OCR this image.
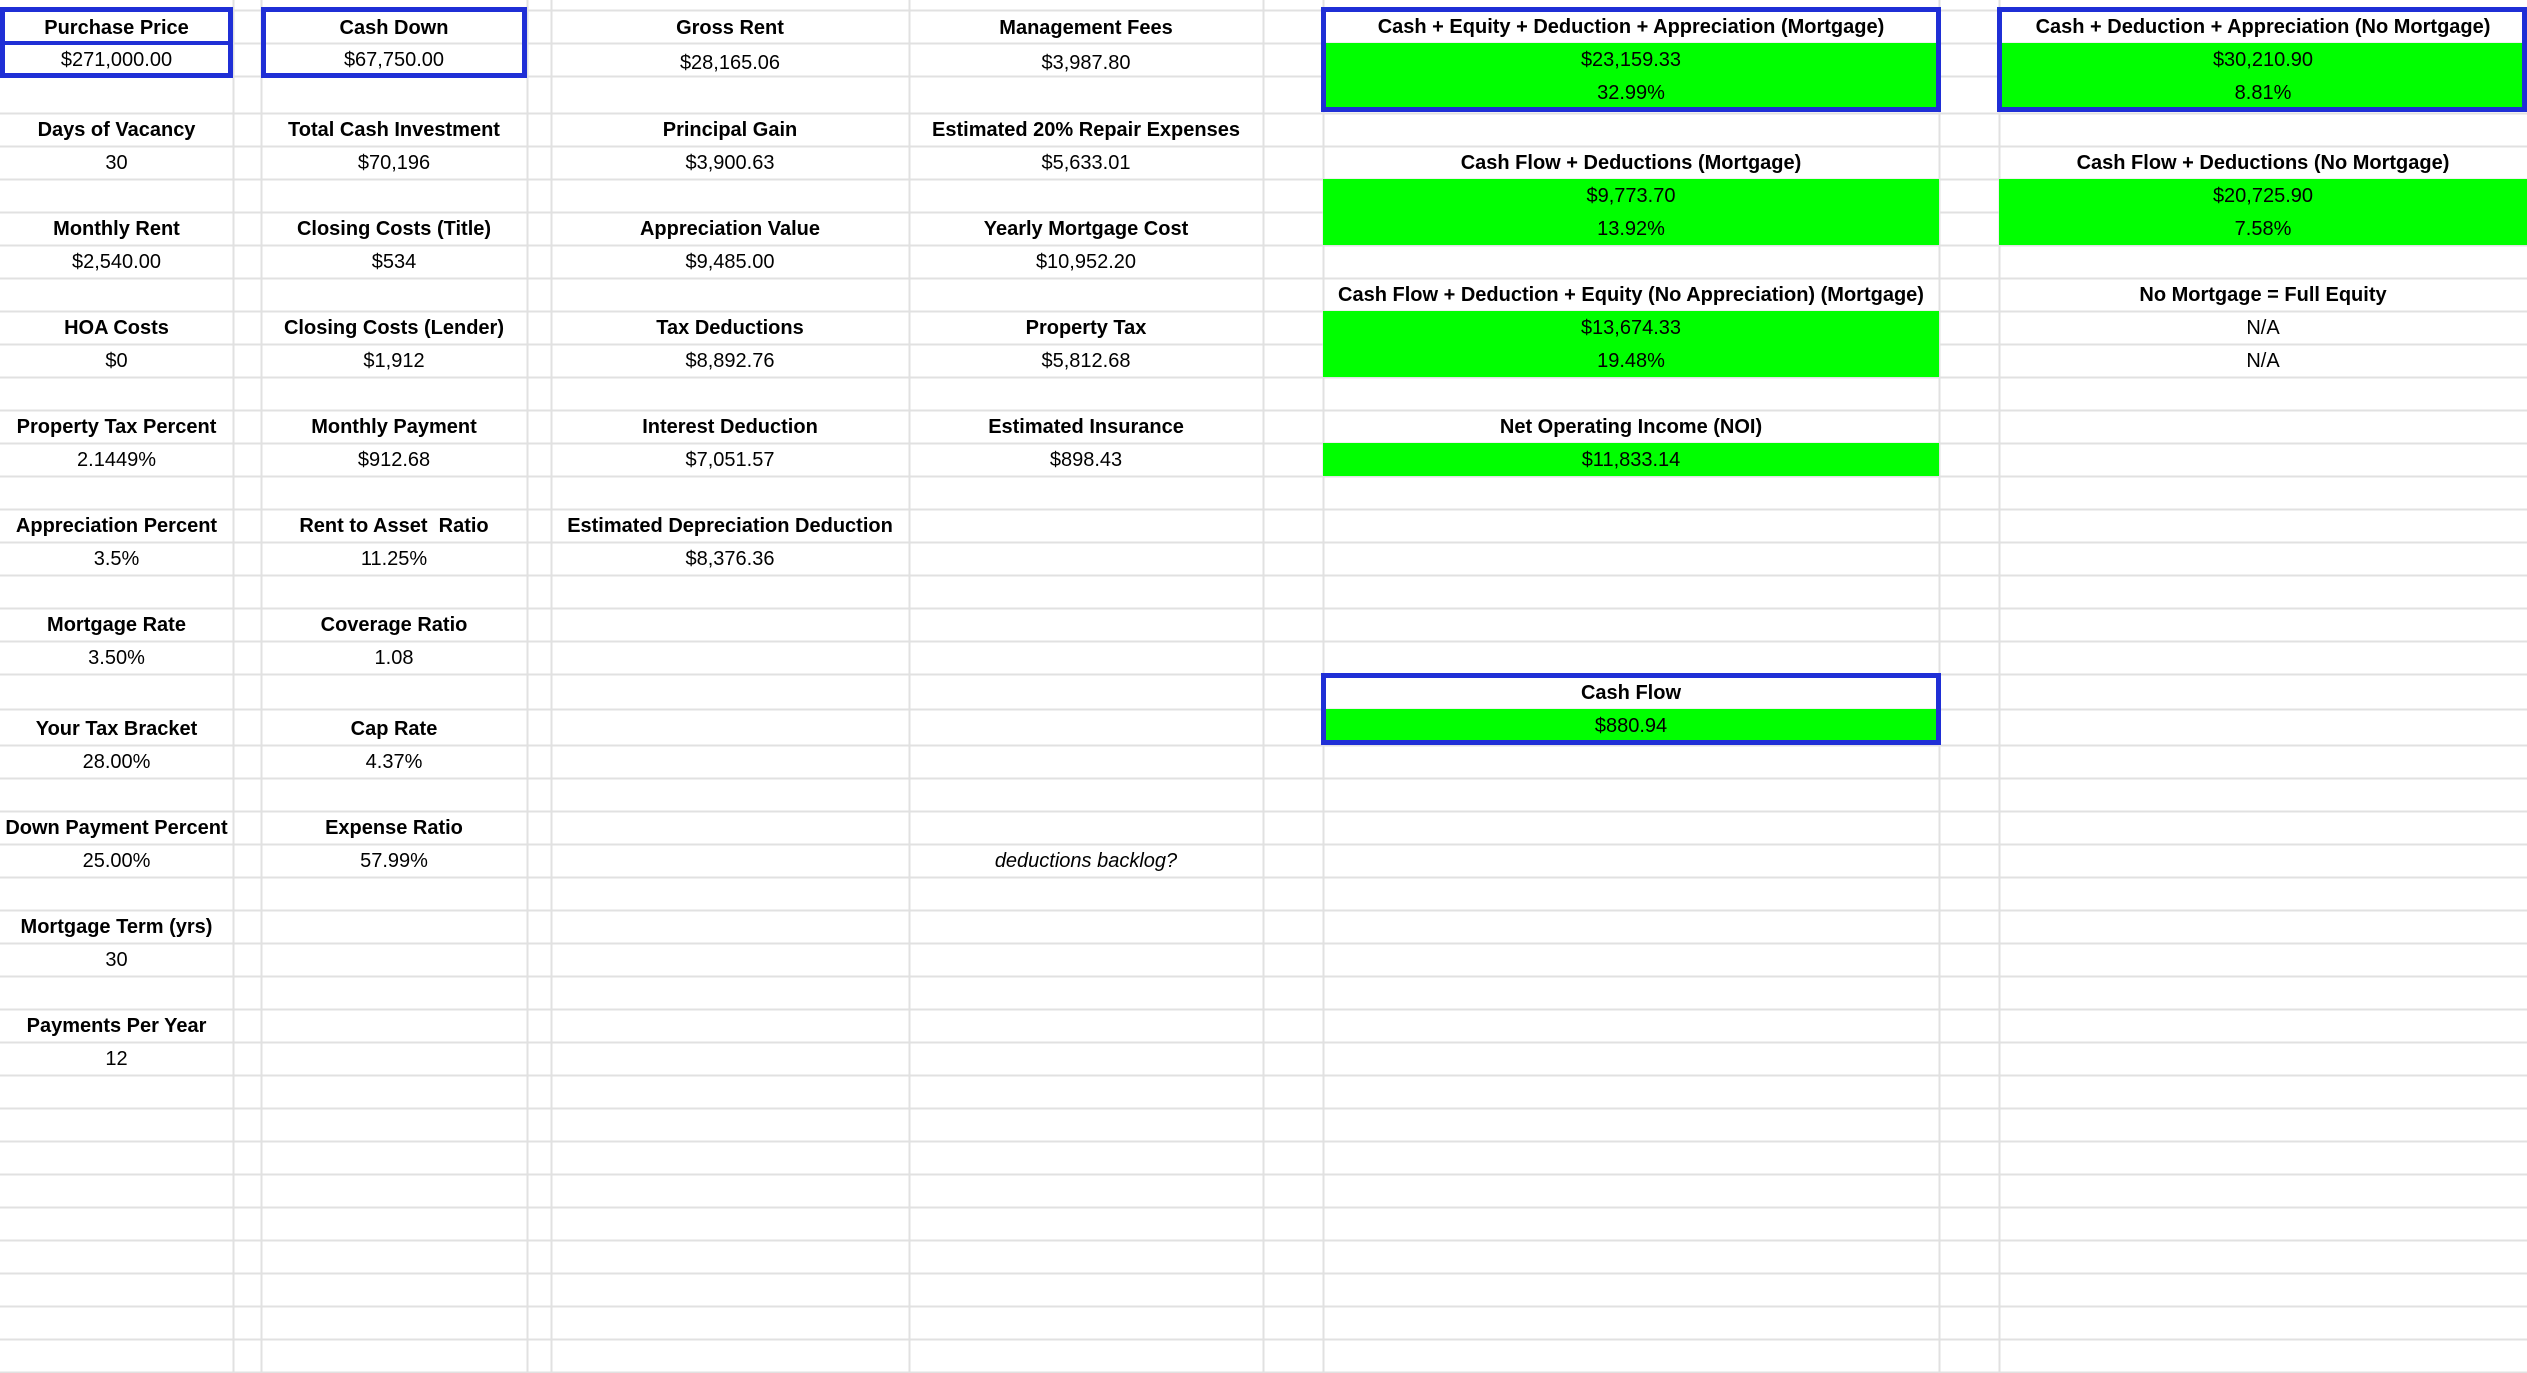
Purchase Price
$271,000.00
Days of Vacancy
30
Monthly Rent
$2,540.00
HOA Costs
$0
Property Tax Percent
2.1449%
Appreciation Percent
3.5%
Mortgage Rate
3.50%
Your Tax Bracket
28.00%
Down Payment Percent
25.00%
Mortgage Term (yrs)
30
Payments Per Year
12
Cash Down
$67,750.00
Total Cash Investment
$70,196
Closing Costs (Title)
$534
Closing Costs (Lender)
$1,912
Monthly Payment
$912.68
Rent to Asset  Ratio
11.25%
Coverage Ratio
1.08
Cap Rate
4.37%
Expense Ratio
57.99%
Gross Rent
$28,165.06
Principal Gain
$3,900.63
Appreciation Value
$9,485.00
Tax Deductions
$8,892.76
Interest Deduction
$7,051.57
Estimated Depreciation Deduction
$8,376.36
Management Fees
$3,987.80
Estimated 20% Repair Expenses
$5,633.01
Yearly Mortgage Cost
$10,952.20
Property Tax
$5,812.68
Estimated Insurance
$898.43
deductions backlog?
Cash + Equity + Deduction + Appreciation (Mortgage)
$23,159.33
32.99%
Cash Flow + Deductions (Mortgage)
$9,773.70
13.92%
Cash Flow + Deduction + Equity (No Appreciation) (Mortgage)
$13,674.33
19.48%
Net Operating Income (NOI)
$11,833.14
Cash Flow
$880.94
Cash + Deduction + Appreciation (No Mortgage)
$30,210.90
8.81%
Cash Flow + Deductions (No Mortgage)
$20,725.90
7.58%
No Mortgage = Full Equity
N/A
N/A
